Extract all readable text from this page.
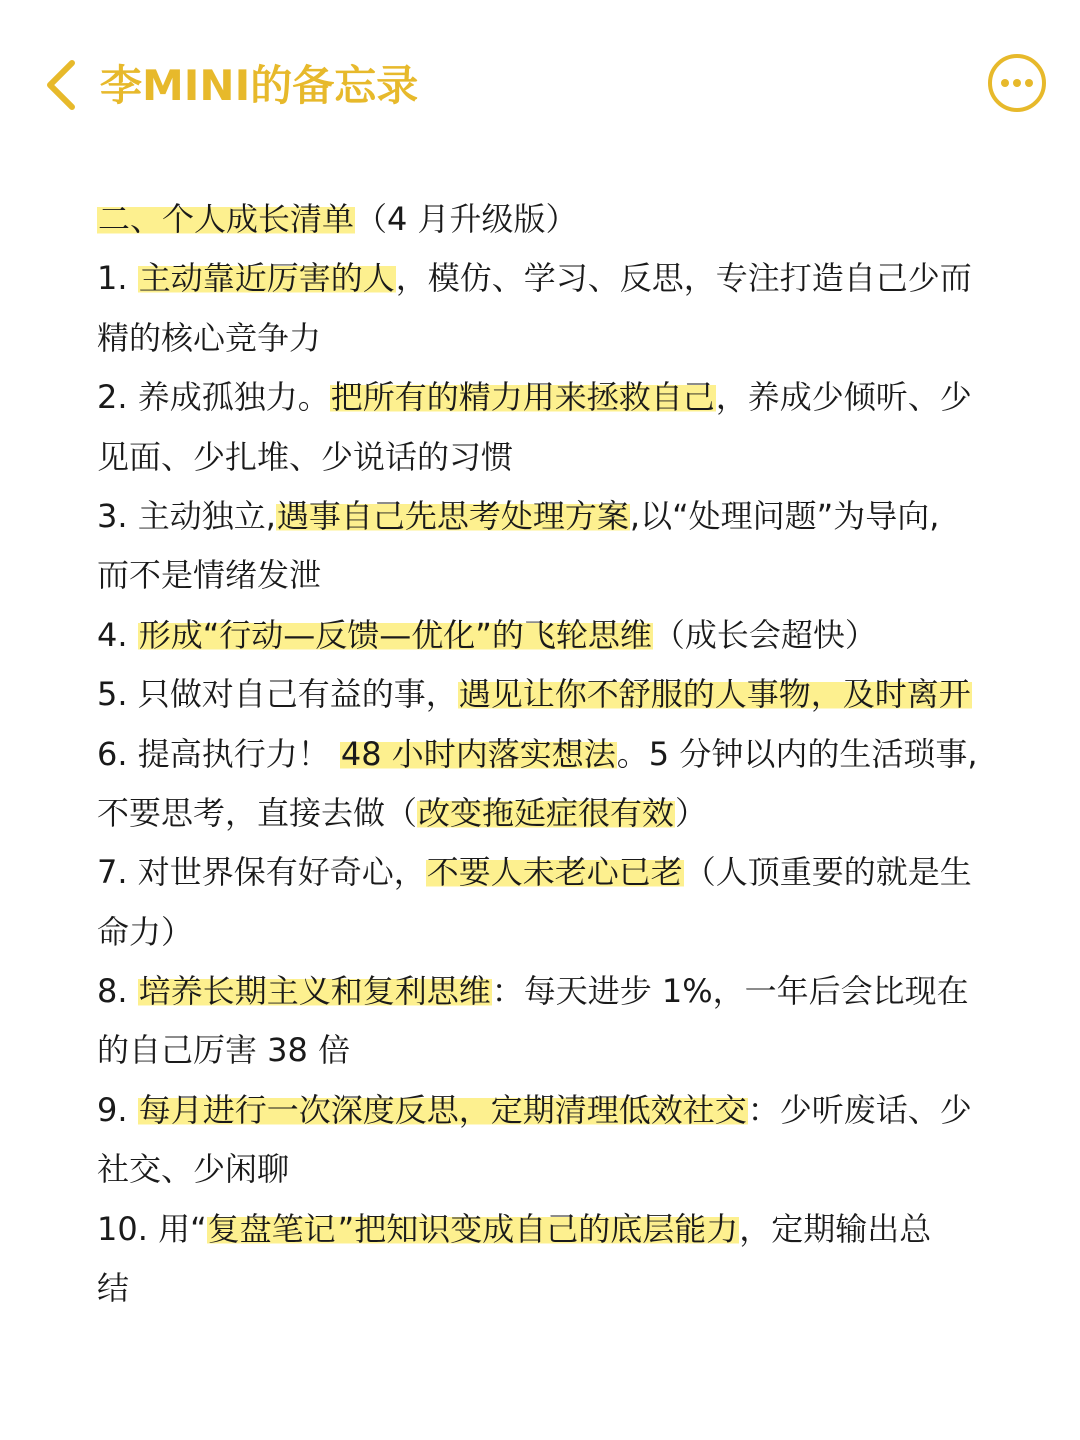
李MINI的备忘录
二、个人成长清单（4 月升级版）
1. 主动靠近厉害的人，模仿、学习、反思，专注打造自己少而
精的核心竞争力
2. 养成孤独力。把所有的精力用来拯救自己，养成少倾听、少
见面、少扎堆、少说话的习惯
3. 主动独立,遇事自己先思考处理方案,以“处理问题”为导向,
而不是情绪发泄
4. 形成“行动—反馈—优化”的飞轮思维（成长会超快）
5. 只做对自己有益的事，遇见让你不舒服的人事物，及时离开
6. 提高执行力！ 48 小时内落实想法。5 分钟以内的生活琐事,
不要思考，直接去做（改变拖延症很有效）
7. 对世界保有好奇心，不要人未老心已老（人顶重要的就是生
命力）
8. 培养长期主义和复利思维：每天进步 1%，一年后会比现在
的自己厉害 38 倍
9. 每月进行一次深度反思，定期清理低效社交：少听废话、少
社交、少闲聊
10. 用“复盘笔记”把知识变成自己的底层能力，定期输出总
结
